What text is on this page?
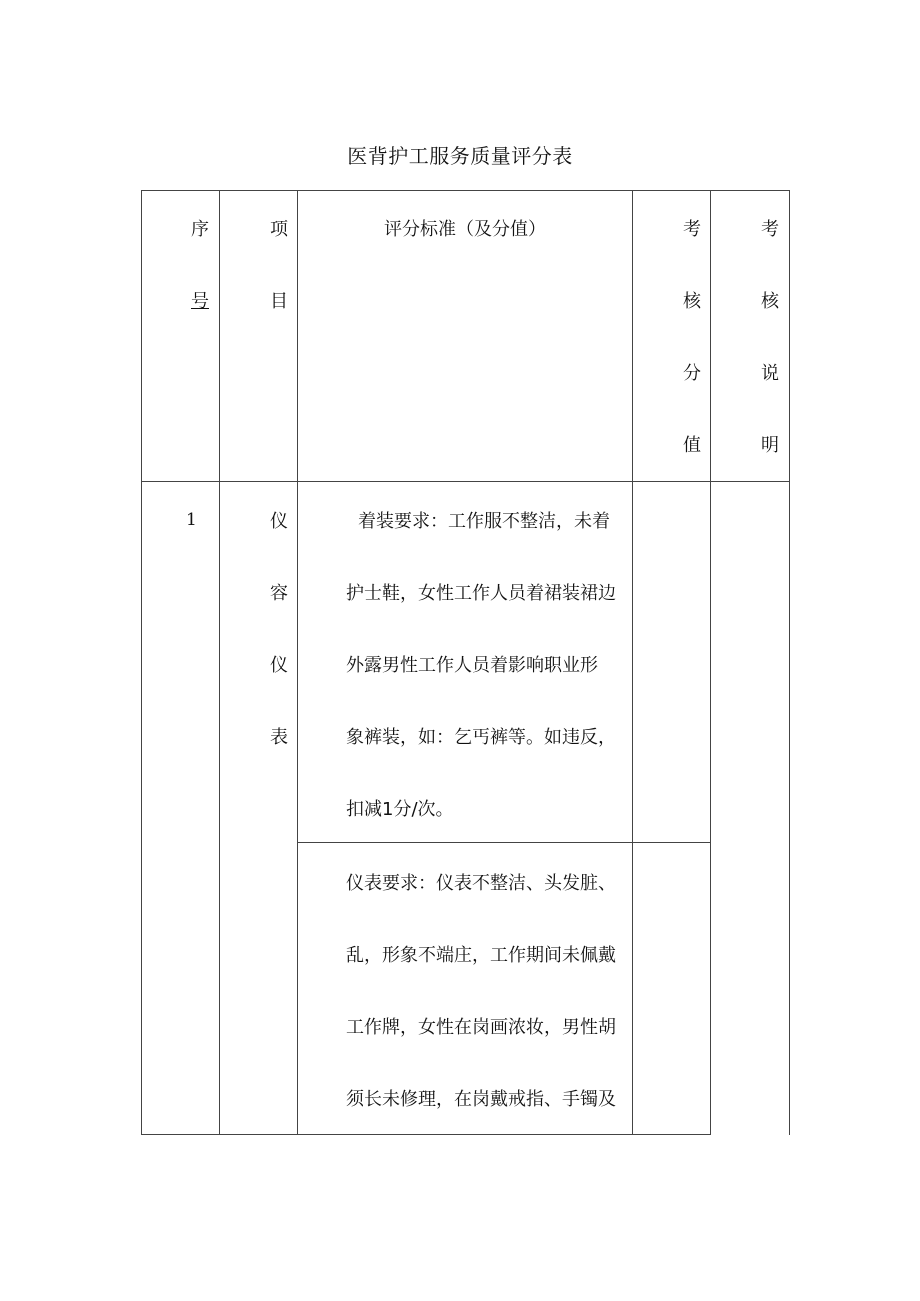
医背护工服务质量评分表
序
号
项
目
评分标准（及分值）	考
核
分
值
考
核
说
明
1	仪
容
仪
表
着装要求：工作服不整洁，未着
护士鞋，女性工作人员着裙装裙边
外露男性工作人员着影响职业形
象裤装，如：乞丐裤等。如违反，
扣减1分/次。
仪表要求：仪表不整洁、头发脏、
乱，形象不端庄，工作期间未佩戴
工作牌，女性在岗画浓妆，男性胡
须长未修理，在岗戴戒指、手镯及
